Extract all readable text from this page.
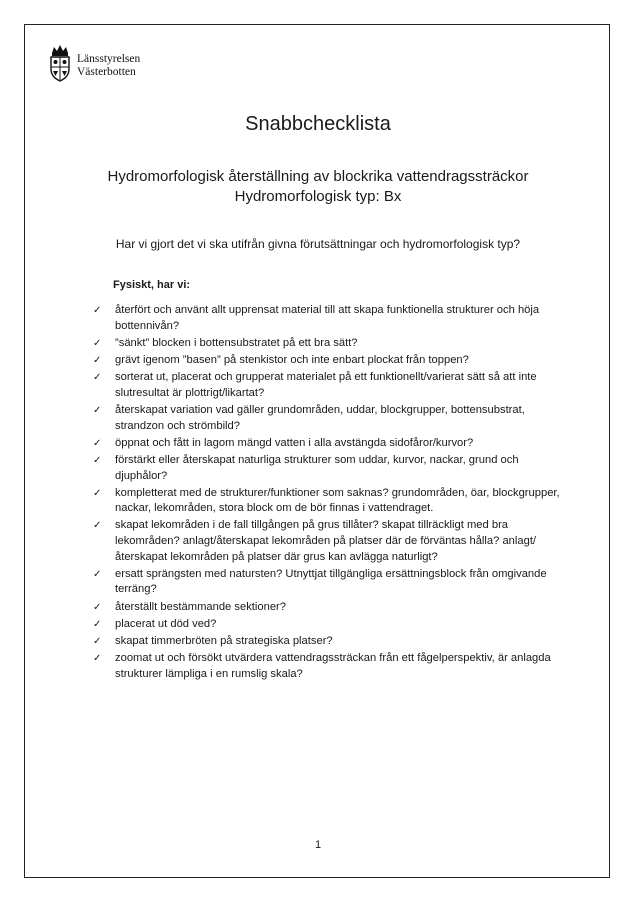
Länsstyrelsen
Västerbotten
Snabbchecklista
Hydromorfologisk återställning av blockrika vattendragssträckor
Hydromorfologisk typ: Bx
Har vi gjort det vi ska utifrån givna förutsättningar och hydromorfologisk typ?
Fysiskt, har vi:
✓ återfört och använt allt upprensat material till att skapa funktionella strukturer och höja bottennivån?
✓ ”sänkt” blocken i bottensubstratet på ett bra sätt?
✓ grävt igenom ”basen” på stenkistor och inte enbart plockat från toppen?
✓ sorterat ut, placerat och grupperat materialet på ett funktionellt/varierat sätt så att inte slutresultat är plottrigt/likartat?
✓ återskapat variation vad gäller grundområden, uddar, blockgrupper, bottensubstrat, strandzon och strömbild?
✓ öppnat och fått in lagom mängd vatten i alla avstängda sidofåror/kurvor?
✓ förstärkt eller återskapat naturliga strukturer som uddar, kurvor, nackar, grund och djuphålor?
✓ kompletterat med de strukturer/funktioner som saknas? grundområden, öar, blockgrupper, nackar, lekområden, stora block om de bör finnas i vattendraget.
✓ skapat lekområden i de fall tillgången på grus tillåter? skapat tillräckligt med bra lekområden? anlagt/återskapat lekområden på platser där de förväntas hålla? anlagt/återskapat lekområden på platser där grus kan avlägga naturligt?
✓ ersatt sprängsten med natursten? Utnyttjat tillgängliga ersättningsblock från omgivande terräng?
✓ återställt bestämmande sektioner?
✓ placerat ut död ved?
✓ skapat timmerbröten på strategiska platser?
✓ zoomat ut och försökt utvärdera vattendragssträckan från ett fågelperspektiv, är anlagda strukturer lämpliga i en rumslig skala?
1
